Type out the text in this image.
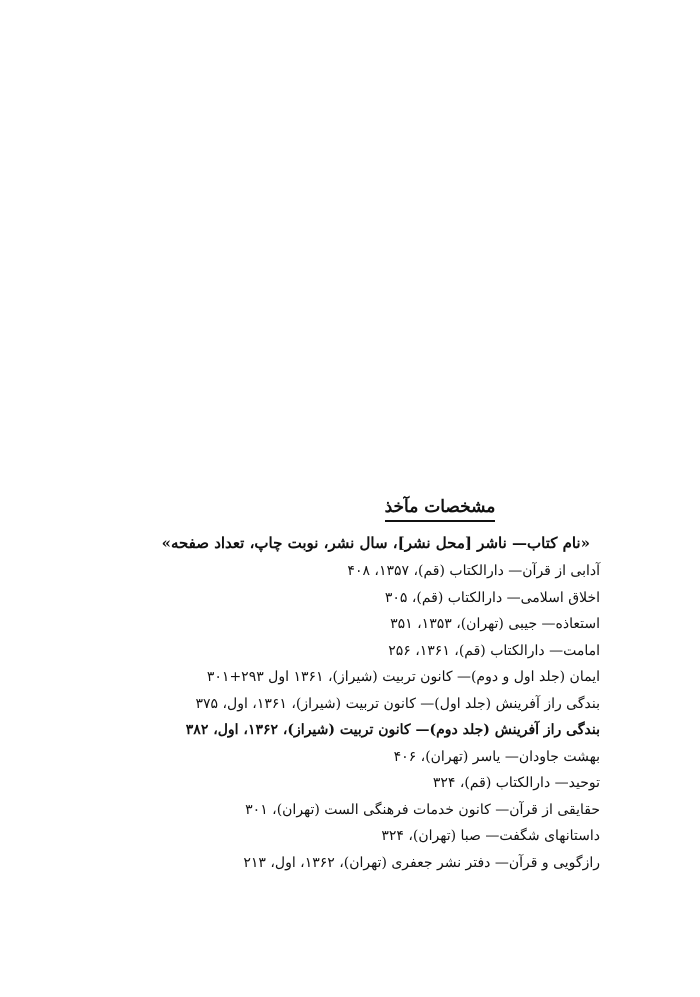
مشخصات مآخذ
«نام کتاب— ناشر [محل نشر]، سال نشر، نوبت چاپ، تعداد صفحه»
آدابی از قرآن— دارالکتاب (قم)، ۱۳۵۷، ۴۰۸
اخلاق اسلامی— دارالکتاب (قم)، ۳۰۵
استعاذه— جیبی (تهران)، ۱۳۵۳، ۳۵۱
امامت— دارالکتاب (قم)، ۱۳۶۱، ۲۵۶
ایمان (جلد اول و دوم)— کانون تربیت (شیراز)، ۱۳۶۱ اول ۲۹۳+۳۰۱
بندگی راز آفرینش (جلد اول)— کانون تربیت (شیراز)، ۱۳۶۱، اول، ۳۷۵
بندگی راز آفرینش (جلد دوم)— کانون تربیت (شیراز)، ۱۳۶۲، اول، ۳۸۲
بهشت جاودان— یاسر (تهران)، ۴۰۶
توحید— دارالکتاب (قم)، ۳۲۴
حقایقی از قرآن— کانون خدمات فرهنگی الست (تهران)، ۳۰۱
داستانهای شگفت— صبا (تهران)، ۳۲۴
رازگویی و قرآن— دفتر نشر جعفری (تهران)، ۱۳۶۲، اول، ۲۱۳
